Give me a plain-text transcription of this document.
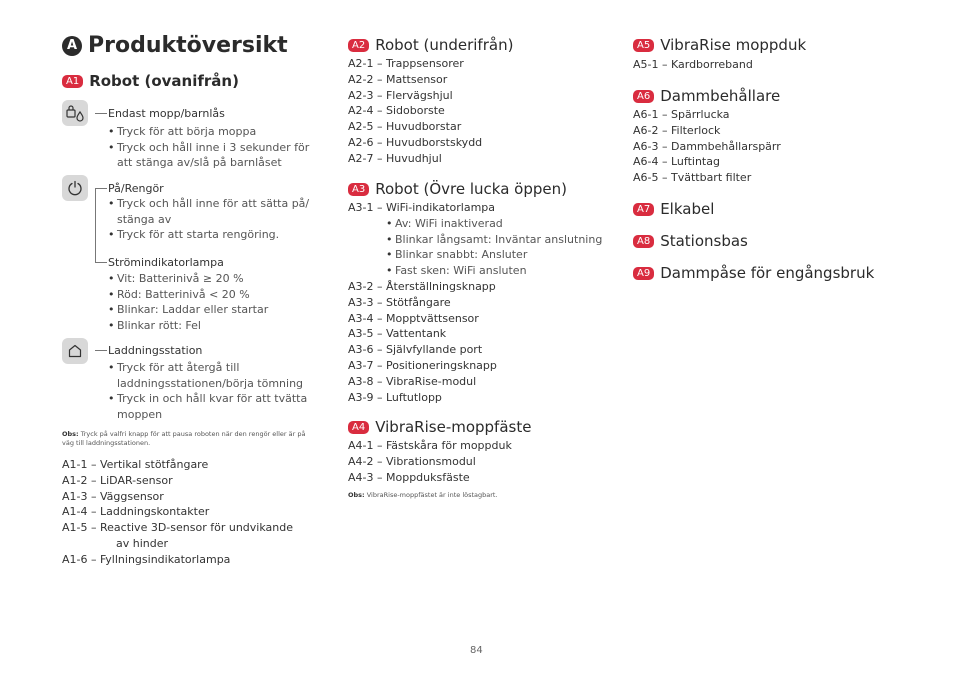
A Produktöversikt
A1 Robot (ovanifrån)
Endast mopp/barnlås
• Tryck för att börja moppa
• Tryck och håll inne i 3 sekunder för
att stänga av/slå på barnlåset
På/Rengör
• Tryck och håll inne för att sätta på/
stänga av
• Tryck för att starta rengöring.
Strömindikatorlampa
• Vit: Batterinivå ≥ 20 %
• Röd: Batterinivå < 20 %
• Blinkar: Laddar eller startar
• Blinkar rött: Fel
Laddningsstation
• Tryck för att återgå till
laddningsstationen/börja tömning
• Tryck in och håll kvar för att tvätta
moppen
Obs: Tryck på valfri knapp för att pausa roboten när den rengör eller är på väg till laddningsstationen.
A1-1 – Vertikal stötfångare
A1-2 – LiDAR-sensor
A1-3 – Väggsensor
A1-4 – Laddningskontakter
A1-5 – Reactive 3D-sensor för undvikande
av hinder
A1-6 – Fyllningsindikatorlampa
A2 Robot (underifrån)
A2-1 – Trappsensorer
A2-2 – Mattsensor
A2-3 – Flervägshjul
A2-4 – Sidoborste
A2-5 – Huvudborstar
A2-6 – Huvudborstskydd
A2-7 – Huvudhjul
A3 Robot (Övre lucka öppen)
A3-1 – WiFi-indikatorlampa
• Av: WiFi inaktiverad
• Blinkar långsamt: Inväntar anslutning
• Blinkar snabbt: Ansluter
• Fast sken: WiFi ansluten
A3-2 – Återställningsknapp
A3-3 – Stötfångare
A3-4 – Mopptvättsensor
A3-5 – Vattentank
A3-6 – Självfyllande port
A3-7 – Positioneringsknapp
A3-8 – VibraRise-modul
A3-9 – Luftutlopp
A4 VibraRise-moppfäste
A4-1 – Fästskåra för moppduk
A4-2 – Vibrationsmodul
A4-3 – Moppduksfäste
Obs: VibraRise-moppfästet är inte löstagbart.
A5 VibraRise moppduk
A5-1 – Kardborreband
A6 Dammbehållare
A6-1 – Spärrlucka
A6-2 – Filterlock
A6-3 – Dammbehållarspärr
A6-4 – Luftintag
A6-5 – Tvättbart filter
A7 Elkabel
A8 Stationsbas
A9 Dammpåse för engångsbruk
84
